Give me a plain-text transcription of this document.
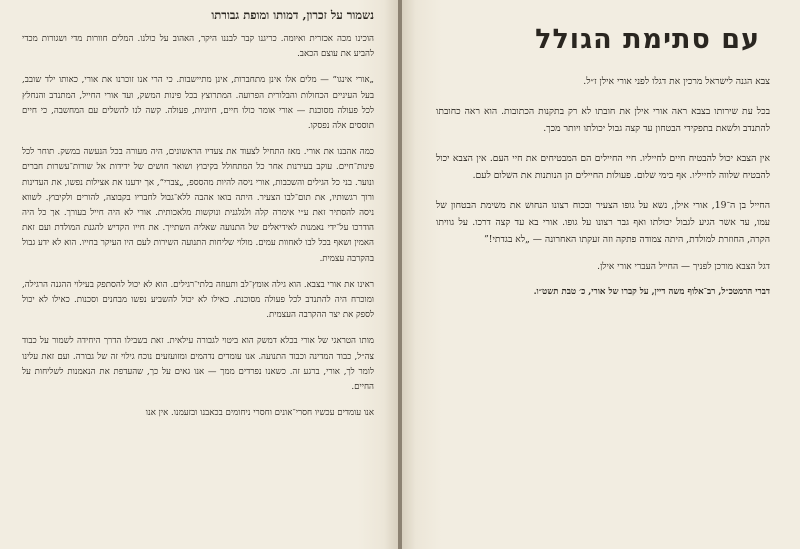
נשמור על זכרון, דמותו ומופת גבורתו
הוכינו מכה אכזרית ואיומה. כריגנו קבר לבננו היקר, האהוב על כולנו. המלים חוורות מדי ושגורות מכדי להביע את עוצם הכאב.
„אורי אינגו” — מלים אלו אינן מתחברות, אינן מתיישבות. כי הרי אנו זוכרנו את אורי, כאותו ילד שובב, בעל העיניים הכחולות והבלורית הפרועה. המתרוצץ בכל פינות המשק, ועד אורי החייל, המתנדב והנחלץ לכל פעולה מסוכנת — אורי אומר כולו חיים, חיוניות, פעולה. קשה לנו להשלים עם המחשבה, כי חיים תוססים אלה נפסקו.
כמה אהבנו את אורי. מאז התחיל לצעוד את צעדיו הראשונים, היה מעורה בכל הנעשה במשק. תוחר לכל פינות־חיים. עוקב בעירנות אחר כל המתחולל בקיבוץ ושואר חושים של ידידות אל שורות־עשרות חברים ונוער. בני כל הגילים והשכבות, אורי ניסה להיות מהסספ, „צברי”, אך ידענו את אצילות נפשו, את העדינות ורוך רגשותיו, את תום־לבו הצעיר. היתה בואו אהבה ללא־גבול לחבריו בקבוצה, להורים ולקיבוץ. לשווא ניסה להסתיר זאת ע״י אימרה קלה ולגלגנית ונוקשות מלאכותית. אורי לא היה חייל בעורך. אך כל היה הודרכו על־ידי נאמנות לאידיאלים של התנועה שאליה השתייך. את חייו הקדיש להגנת המולדת ועם זאת האמין ושאף בכל לבו לאחוות עמים. מולוי שליחות התנועה השירות לעם היו העיקר בחייו. הוא לא ידע גבול בהקרבה עצמית.
ראינו את אורי בצבא. הוא גילה אומץ־לב ותעוזה בלתי־רגילים. הוא לא יכול להסתפק בעילוי ההגנה הרגילה, ומוכרח היה להתנדב לכל פעולה מסוכנת. כאילו לא יכול להשביע נפשו מבחנים וסכנות. כאילו לא יכול לספק את יצר ההקרבה העצמית.
מותו הטראגי של אורי בכלא דמשק הוא ביטוי לגבורה עילאית. זאת בשבילו הדרך היחידה לשמור על כבוד צה״ל, כבוד המדינה וכבוד התנועה. אנו עומדים נדהמים ומזועזעים נוכח גילוי זה של גבורה. ועם זאת עלינו לומר לך, אורי, ברגע זה. כשאנו נפרדים ממך — אנו גאים על כך, שהעדפת את הנאמנות לשליחות על החיים.
אנו עומדים עכשיו חסרי־אונים וחסרי ניחומים בכאבנו ובזעמנו. אין אנו
עם סתימת הגולל
צבא הגנה לישראל מרכין את דגלו לפני אורי אילן ז״ל.
בכל עת שירותו בצבא ראה אורי אילן את חובתו לא רק בתקנות הכתובות. הוא ראה כחובתו להתנדב ולשאת בתפקידי הבטחון עד קצה גבול יכולתו ויותר מכך.
אין הצבא יכול להבטיח חיים לחייליו. חיי החיילים הם המבטיחים את חיי העם. אין הצבא יכול להבטיח שלווה לחייליו. אף בימי שלום. פעולות החיילים הן הנותנות את השלום לעם.
החייל בן ה־19, אורי אילן, נשא על גופו הצעיר ובכוח רצונו הנחוש את משימת הבטחון של עמו, עד אשר הגיע לגבול יכולתו ואף גבר רצונו על גופו. אורי בא עד קצה דרכו. על גוויתו הקרה, החוזרת למולדת, היתה צמודה פתקה וזה זעקתו האחרונה — „לא בגדתי!”
דגל הצבא מורכן לפניך — החייל העברי אורי אילן.
דברי הרמטכ״ל, רב־אלוף משה דיין, על קברו של אורי, כ׳ טבת תשט״ו.
